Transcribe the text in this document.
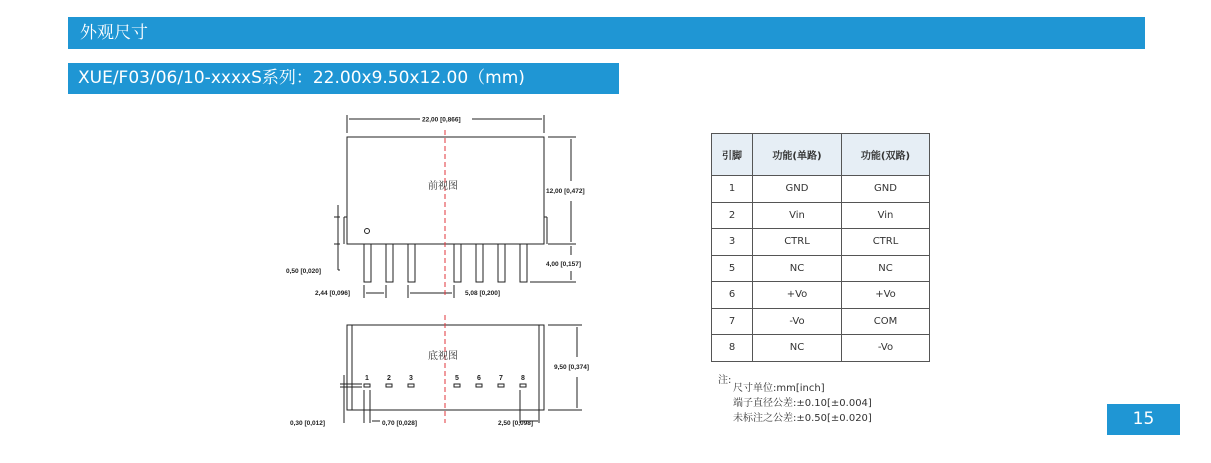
外观尺寸
XUE/F03/06/10-xxxxS系列：22.00x9.50x12.00（mm)
22,00 [0,866]
12,00 [0,472]
4,00 [0,157]
0,50 [0,020]
2,44 [0,096]	5,08 [0,200]
9,50 [0,374]
0,30 [0,012]	0,70 [0,028]	2,50 [0,098]
1	2	3	5	6	7	8
前视图
底视图
引脚	功能(单路)	功能(双路)
1	GND	GND
2	Vin	Vin
3	CTRL	CTRL
5	NC	NC
6	+Vo	+Vo
7	-Vo	COM
8	NC	-Vo
注:
尺寸单位:mm[inch]
端子直径公差:±0.10[±0.004]
未标注之公差:±0.50[±0.020]	15
